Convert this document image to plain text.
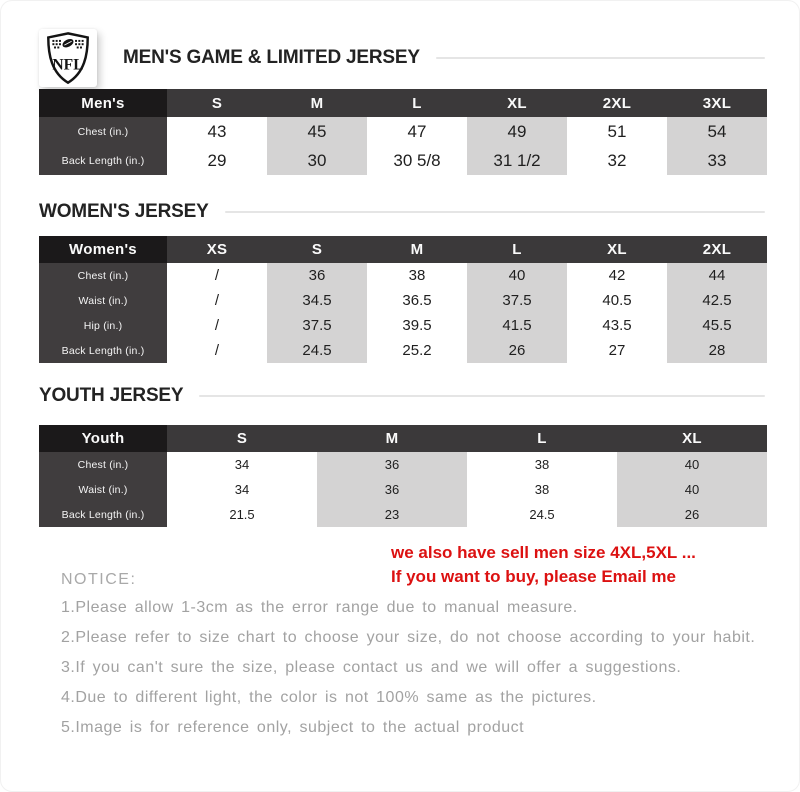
NFL MEN'S GAME & LIMITED JERSEY
Men's	S	M	L	XL	2XL	3XL
Chest (in.)	43	45	47	49	51	54
Back Length (in.)	29	30	30 5/8	31 1/2	32	33
WOMEN'S JERSEY
Women's	XS	S	M	L	XL	2XL
Chest (in.)	/	36	38	40	42	44
Waist (in.)	/	34.5	36.5	37.5	40.5	42.5
Hip (in.)	/	37.5	39.5	41.5	43.5	45.5
Back Length (in.)	/	24.5	25.2	26	27	28
YOUTH JERSEY
Youth	S	M	L	XL
Chest (in.)	34	36	38	40
Waist (in.)	34	36	38	40
Back Length (in.)	21.5	23	24.5	26
we also have sell men size 4XL,5XL ...
If you want to buy, please Email me

NOTICE:

1.Please allow 1-3cm as the error range due to manual measure.

2.Please refer to size chart to choose your size, do not choose according to your habit.

3.If you can't sure the size, please contact us and we will offer a suggestions.

4.Due to different light, the color is not 100% same as the pictures.

5.Image is for reference only, subject to the actual product
